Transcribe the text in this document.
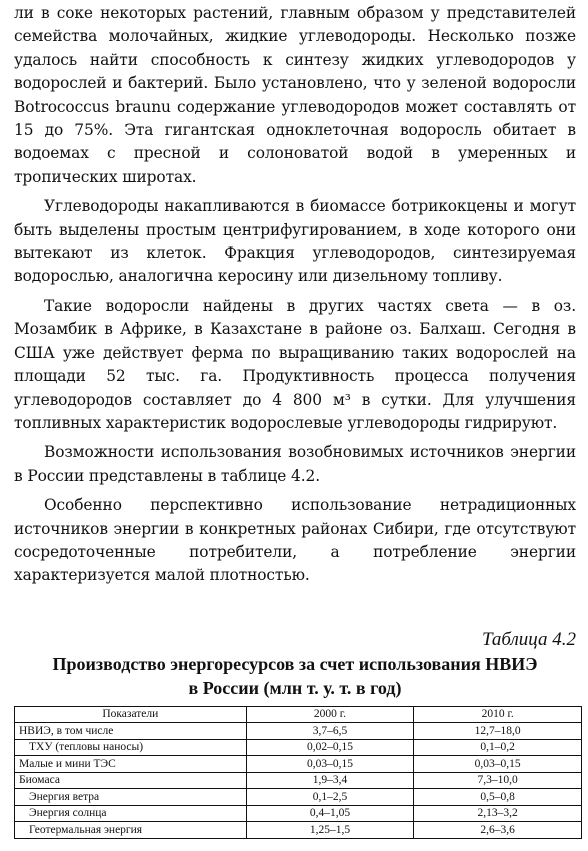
ли в соке некоторых растений, главным образом у представителей семейства молочайных, жидкие углеводороды. Несколько позже удалось найти способность к синтезу жидких углеводородов у водорослей и бактерий. Было установлено, что у зеленой водоросли Botrococcus braunu содержание углеводородов может составлять от 15 до 75%. Эта гигантская одноклеточная водоросль обитает в водоемах с пресной и солоноватой водой в умеренных и тропических широтах.

Углеводороды накапливаются в биомассе ботрикокцены и могут быть выделены простым центрифугированием, в ходе которого они вытекают из клеток. Фракция углеводородов, синтезируемая водорослью, аналогична керосину или дизельному топливу.

Такие водоросли найдены в других частях света — в оз. Мозамбик в Африке, в Казахстане в районе оз. Балхаш. Сегодня в США уже действует ферма по выращиванию таких водорослей на площади 52 тыс. га. Продуктивность процесса получения углеводородов составляет до 4 800 м³ в сутки. Для улучшения топливных характеристик водорослевые углеводороды гидрируют.

Возможности использования возобновимых источников энергии в России представлены в таблице 4.2.

Особенно перспективно использование нетрадиционных источников энергии в конкретных районах Сибири, где отсутствуют сосредоточенные потребители, а потребление энергии характеризуется малой плотностью.

Таблица 4.2
Производство энергоресурсов за счет использования НВИЭ
в России (млн т. у. т. в год)
Показатели	2000 г.	2010 г.
НВИЭ, в том числе	3,7–6,5	12,7–18,0
ТХУ (тепловы наносы)	0,02–0,15	0,1–0,2
Малые и мини ТЭС	0,03–0,15	0,03–0,15
Биомаса	1,9–3,4	7,3–10,0
Энергия ветра	0,1–2,5	0,5–0,8
Энергия солнца	0,4–1,05	2,13–3,2
Геотермальная энергия	1,25–1,5	2,6–3,6
